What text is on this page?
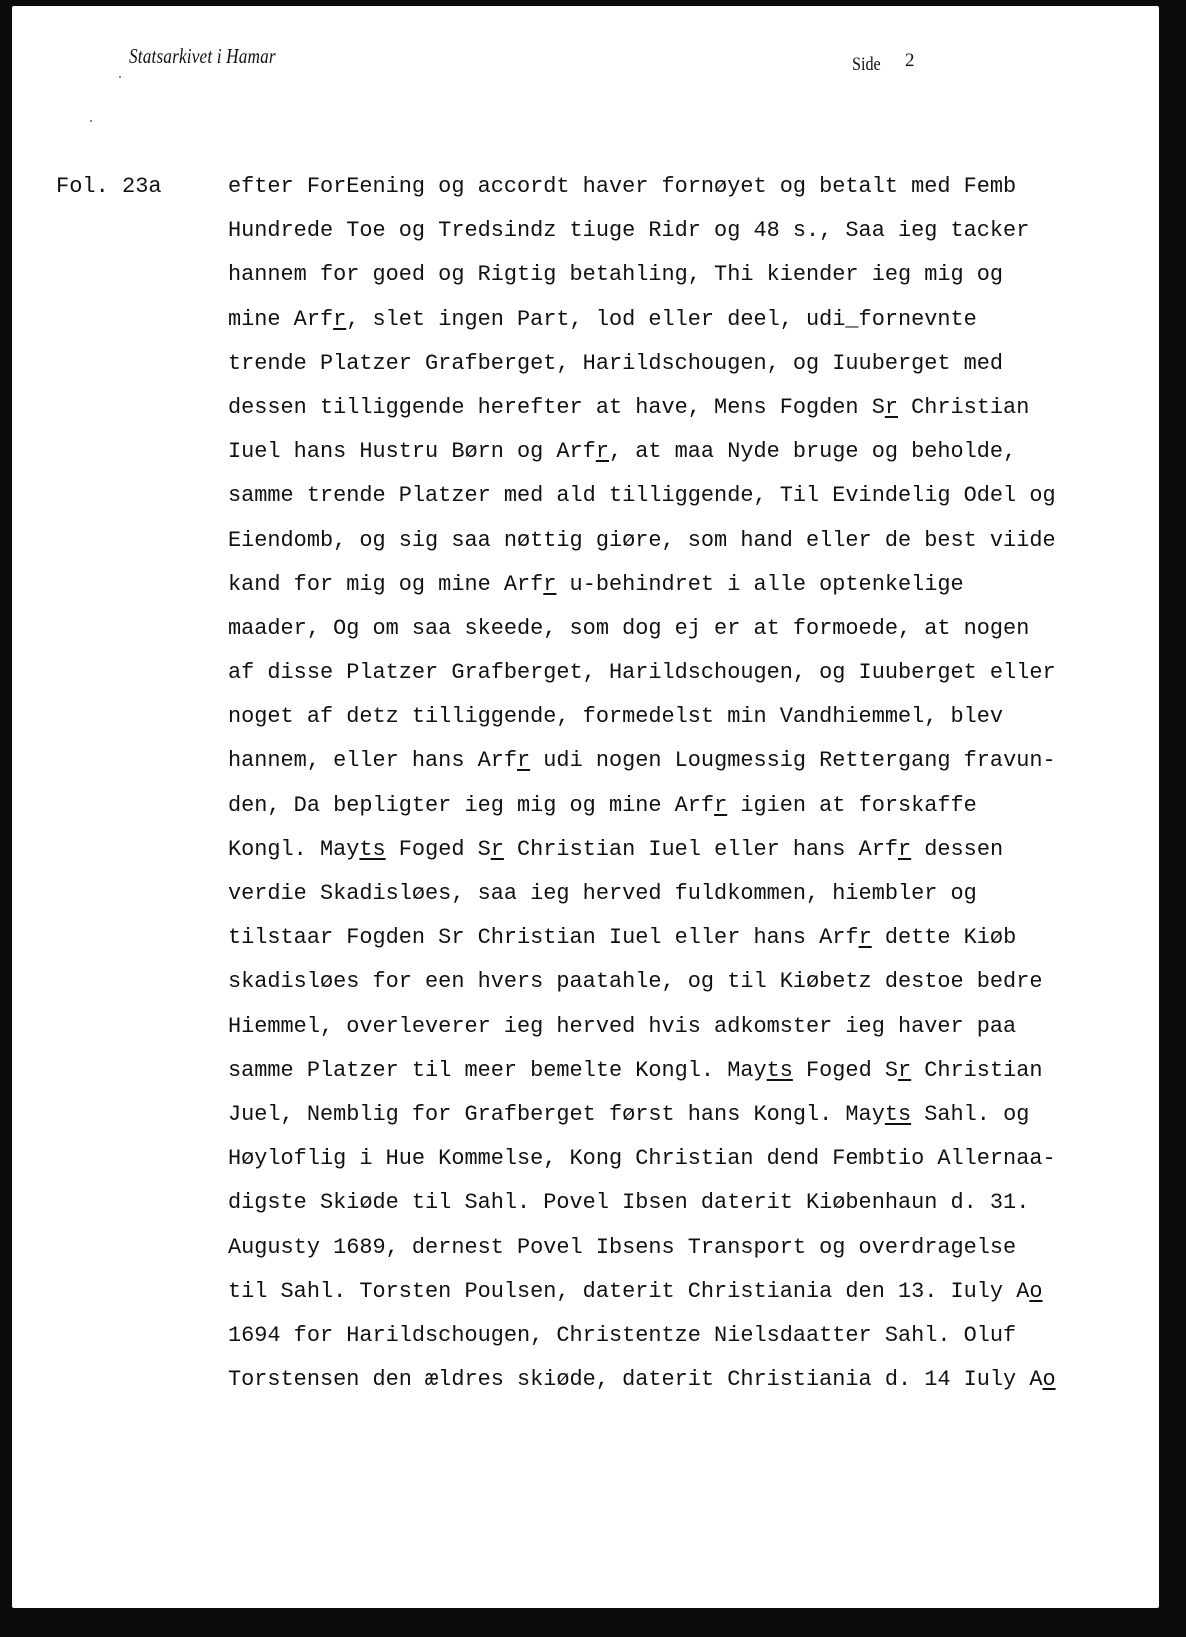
Statsarkivet i Hamar	Side 2
Fol. 23a	efter ForEening og accordt haver fornøyet og betalt med Femb
Hundrede Toe og Tredsindz tiuge Ridr og 48 s., Saa ieg tacker
hannem for goed og Rigtig betahling, Thi kiender ieg mig og
mine Arfr, slet ingen Part, lod eller deel, udi_fornevnte
trende Platzer Grafberget, Harildschougen, og Iuuberget med
dessen tilliggende herefter at have, Mens Fogden Sr Christian
Iuel hans Hustru Børn og Arfr, at maa Nyde bruge og beholde,
samme trende Platzer med ald tilliggende, Til Evindelig Odel og
Eiendomb, og sig saa nøttig giøre, som hand eller de best viide
kand for mig og mine Arfr u-behindret i alle optenkelige
maader, Og om saa skeede, som dog ej er at formoede, at nogen
af disse Platzer Grafberget, Harildschougen, og Iuuberget eller
noget af detz tilliggende, formedelst min Vandhiemmel, blev
hannem, eller hans Arfr udi nogen Lougmessig Rettergang fravun-
den, Da bepligter ieg mig og mine Arfr igien at forskaffe
Kongl. Mayts Foged Sr Christian Iuel eller hans Arfr dessen
verdie Skadisløes, saa ieg herved fuldkommen, hiembler og
tilstaar Fogden Sr Christian Iuel eller hans Arfr dette Kiøb
skadisløes for een hvers paatahle, og til Kiøbetz destoe bedre
Hiemmel, overleverer ieg herved hvis adkomster ieg haver paa
samme Platzer til meer bemelte Kongl. Mayts Foged Sr Christian
Juel, Nemblig for Grafberget først hans Kongl. Mayts Sahl. og
Høyloflig i Hue Kommelse, Kong Christian dend Fembtio Allernaa-
digste Skiøde til Sahl. Povel Ibsen daterit Kiøbenhaun d. 31.
Augusty 1689, dernest Povel Ibsens Transport og overdragelse
til Sahl. Torsten Poulsen, daterit Christiania den 13. Iuly Ao
1694 for Harildschougen, Christentze Nielsdaatter Sahl. Oluf
Torstensen den ældres skiøde, daterit Christiania d. 14 Iuly Ao
